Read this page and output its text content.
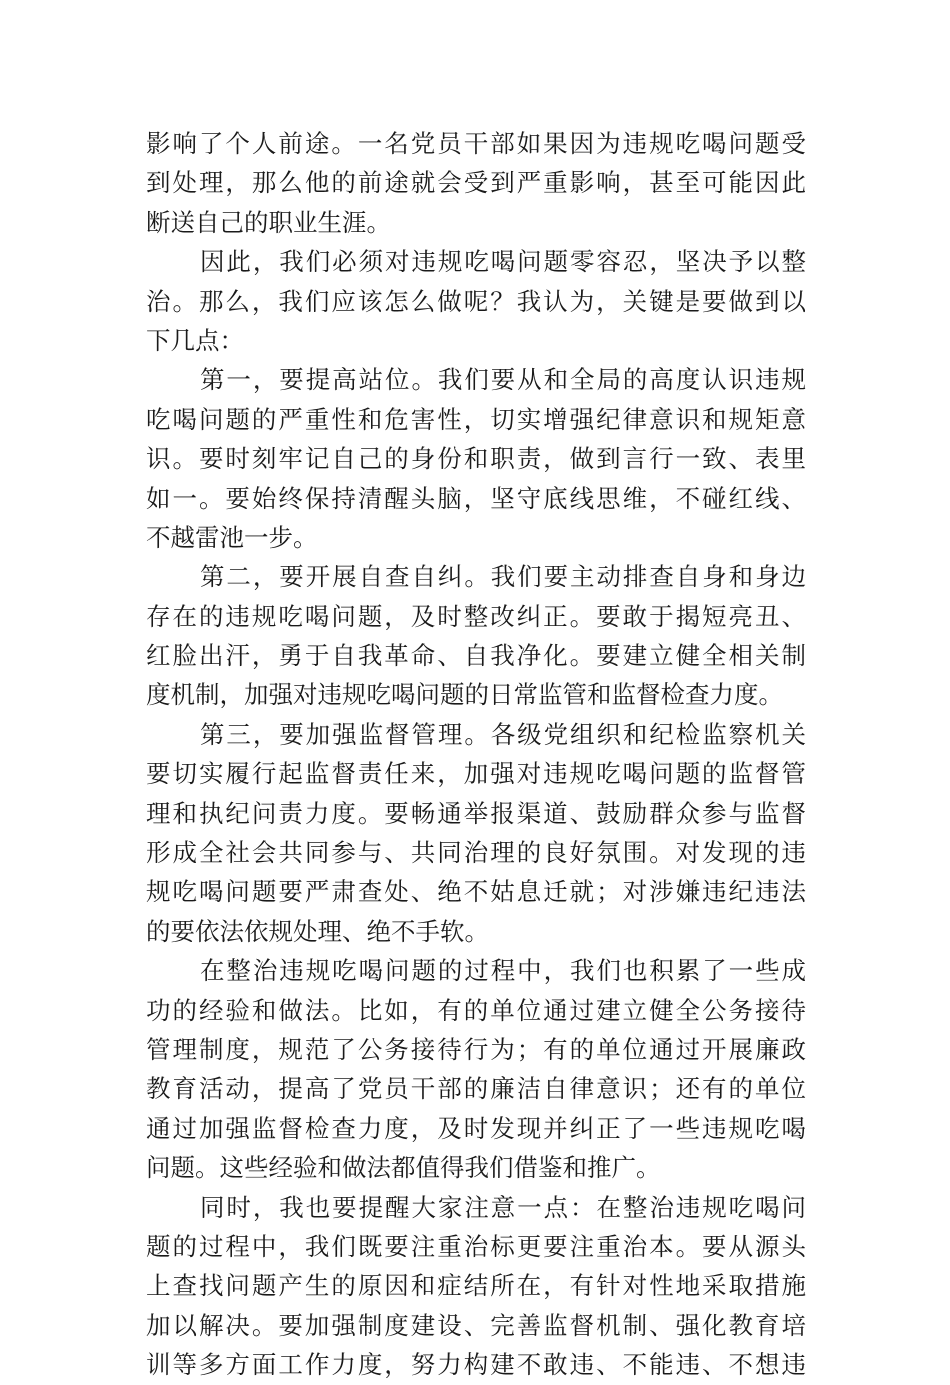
影响了个人前途。一名党员干部如果因为违规吃喝问题受
到处理，那么他的前途就会受到严重影响，甚至可能因此
断送自己的职业生涯。
因此，我们必须对违规吃喝问题零容忍，坚决予以整
治。那么，我们应该怎么做呢？我认为，关键是要做到以
下几点：
第一，要提高站位。我们要从和全局的高度认识违规
吃喝问题的严重性和危害性，切实增强纪律意识和规矩意
识。要时刻牢记自己的身份和职责，做到言行一致、表里
如一。要始终保持清醒头脑，坚守底线思维，不碰红线、
不越雷池一步。
第二，要开展自查自纠。我们要主动排查自身和身边
存在的违规吃喝问题，及时整改纠正。要敢于揭短亮丑、
红脸出汗，勇于自我革命、自我净化。要建立健全相关制
度机制，加强对违规吃喝问题的日常监管和监督检查力度。
第三，要加强监督管理。各级党组织和纪检监察机关
要切实履行起监督责任来，加强对违规吃喝问题的监督管
理和执纪问责力度。要畅通举报渠道、鼓励群众参与监督
形成全社会共同参与、共同治理的良好氛围。对发现的违
规吃喝问题要严肃查处、绝不姑息迁就；对涉嫌违纪违法
的要依法依规处理、绝不手软。
在整治违规吃喝问题的过程中，我们也积累了一些成
功的经验和做法。比如，有的单位通过建立健全公务接待
管理制度，规范了公务接待行为；有的单位通过开展廉政
教育活动，提高了党员干部的廉洁自律意识；还有的单位
通过加强监督检查力度，及时发现并纠正了一些违规吃喝
问题。这些经验和做法都值得我们借鉴和推广。
同时，我也要提醒大家注意一点：在整治违规吃喝问
题的过程中，我们既要注重治标更要注重治本。要从源头
上查找问题产生的原因和症结所在，有针对性地采取措施
加以解决。要加强制度建设、完善监督机制、强化教育培
训等多方面工作力度，努力构建不敢违、不能违、不想违
